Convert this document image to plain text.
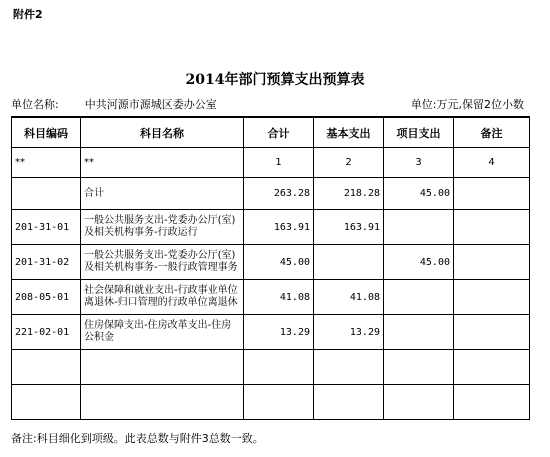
附件2
2014年部门预算支出预算表
单位名称: 中共河源市源城区委办公室	单位:万元,保留2位小数
科目编码	科目名称	合计	基本支出	项目支出	备注
**	**	1	2	3	4
	合计	263.28	218.28	45.00	
201-31-01	一般公共服务支出-党委办公厅(室)及相关机构事务-行政运行	163.91	163.91		
201-31-02	一般公共服务支出-党委办公厅(室)及相关机构事务-一般行政管理事务	45.00		45.00	
208-05-01	社会保障和就业支出-行政事业单位离退休-归口管理的行政单位离退休	41.08	41.08		
221-02-01	住房保障支出-住房改革支出-住房公积金	13.29	13.29		

备注:科目细化到项级。此表总数与附件3总数一致。
